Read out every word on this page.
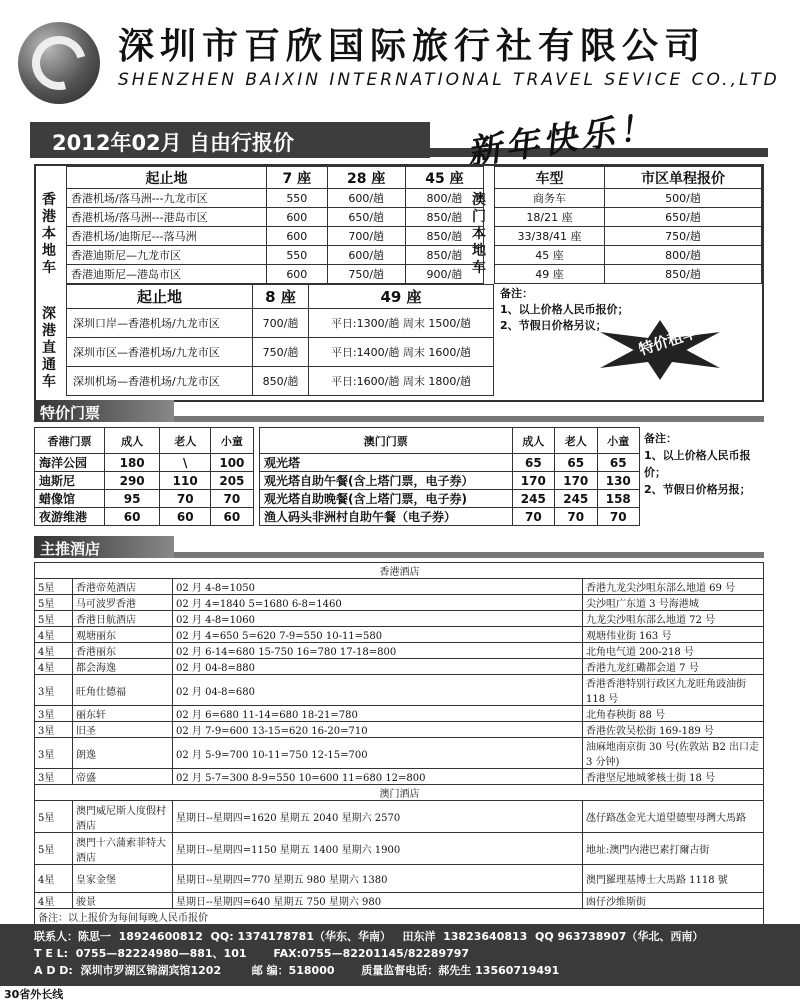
深圳市百欣国际旅行社有限公司
SHENZHEN BAIXIN INTERNATIONAL TRAVEL SEVICE CO.,LTD
2012年02月 自由行报价	新年快乐！
香港本地车
澳门本地车
深港直通车
起止地	7 座	28 座	45 座
香港机场/落马洲---九龙市区	550	600/趟	800/趟
香港机场/落马洲---港岛市区	600	650/趟	850/趟
香港机场/迪斯尼---落马洲	600	700/趟	850/趟
香港迪斯尼—九龙市区	550	600/趟	850/趟
香港迪斯尼—港岛市区	600	750/趟	900/趟
车型	市区单程报价
商务车	500/趟
18/21 座	650/趟
33/38/41 座	750/趟
45 座	800/趟
49 座	850/趟
起止地	8 座	49 座
深圳口岸—香港机场/九龙市区	700/趟	平日:1300/趟 周末 1500/趟
深圳市区—香港机场/九龙市区	750/趟	平日:1400/趟 周末 1600/趟
深圳机场—香港机场/九龙市区	850/趟	平日:1600/趟 周末 1800/趟
备注：
1、以上价格人民币报价；
2、节假日价格另议；	特价租车
特价门票
香港门票	成人	老人	小童		澳门门票	成人	老人	小童
海洋公园	180	\	100		观光塔	65	65	65
迪斯尼	290	110	205		观光塔自助午餐(含上塔门票，电子券）	170	170	130
蜡像馆	95	70	70		观光塔自助晚餐(含上塔门票，电子券)	245	245	158
夜游维港	60	60	60		渔人码头非洲村自助午餐（电子券）	70	70	70
备注：
1、以上价格人民币报价；
2、节假日价格另报；
主推酒店
香港酒店			
5星	香港帝苑酒店	02 月 4-8=1050	香港九龙尖沙咀东部么地道 69 号
5星	马可波罗香港	02 月 4=1840 5=1680 6-8=1460	尖沙咀广东道 3 号海港城
5星	香港日航酒店	02 月 4-8=1060	九龙尖沙咀东部么地道 72 号
4星	观塘丽东	02 月 4=650 5=620 7-9=550 10-11=580	观塘伟业街 163 号
4星	香港丽东	02 月 6-14=680 15-750 16=780 17-18=800	北角电气道 200-218 号
4星	都会海逸	02 月 04-8=880	香港九龙红磡都会道 7 号
3星	旺角仕德福	02 月 04-8=680	香港香港特别行政区九龙旺角豉油街 118 号
3星	丽东轩	02 月 6=680 11-14=680 18-21=780	北角春秧街 88 号
3星	旧圣	02 月 7-9=600 13-15=620 16-20=710	香港佐敦吴松街 169-189 号
3星	朗逸	02 月 5-9=700 10-11=750 12-15=700	油麻地南京街 30 号(佐敦站 B2 出口走 3 分钟)
3星	帝盛	02 月 5-7=300 8-9=550 10=600 11=680 12=800	香港坚尼地城爹核士街 18 号
澳门酒店			
5星	澳門威尼斯人度假村酒店	星期日--星期四=1620 星期五 2040 星期六 2570	氹仔路氹金光大道望德聖母灣大馬路
5星	澳門十六蒲索菲特大酒店	星期日--星期四=1150 星期五 1400 星期六 1900	地址:澳門内港巴素打爾古街
4星	皇家金堡	星期日--星期四=770 星期五 980 星期六 1380	澳門羅理基博士大馬路 1118 號
4星	骏景	星期日--星期四=640 星期五 750 星期六 980	凼仔沙维斯街
备注：以上报价为每间每晚人民币报价			
联系人：陈思一  18924600812  QQ: 1374178781（华东、华南）   田东洋  13823640813  QQ 963738907（华北、西南）
T E L:  0755—82224980—881、101       FAX:0755—82201145/82289797
A D D:  深圳市罗湖区锦湖宾馆1202        邮 编：518000       质量监督电话：郝先生 13560719491
30省外长线
